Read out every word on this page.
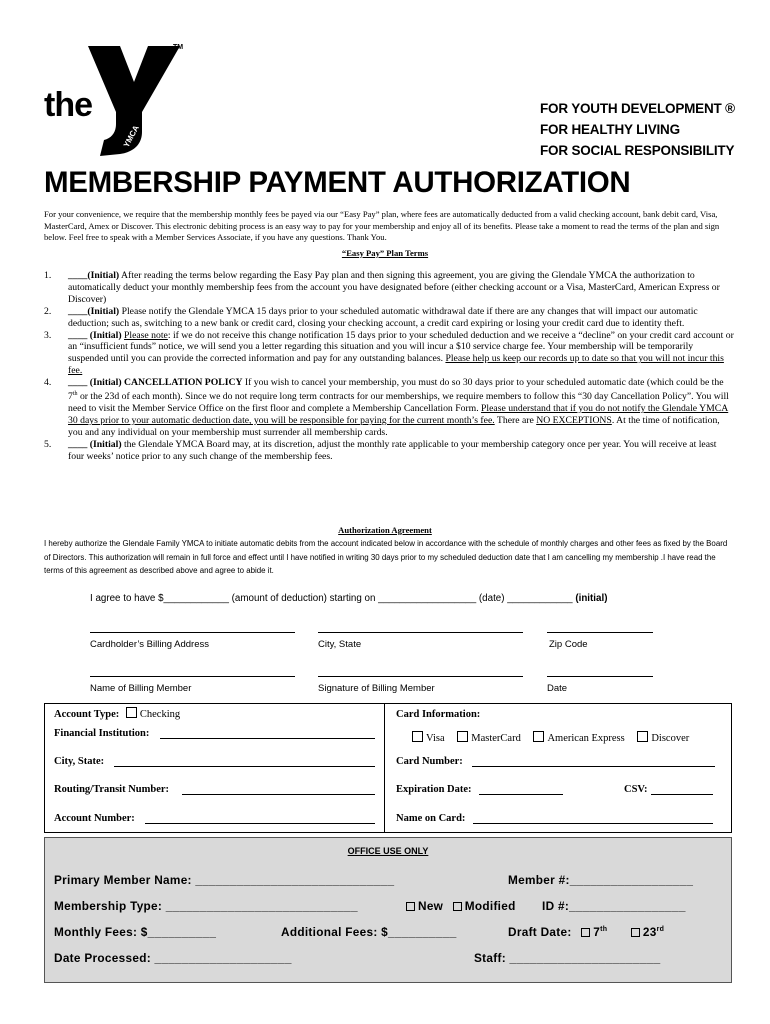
YMCA
the
TM
FOR YOUTH DEVELOPMENT ®
FOR HEALTHY LIVING
FOR SOCIAL RESPONSIBILITY
MEMBERSHIP PAYMENT AUTHORIZATION
For your convenience, we require that the membership monthly fees be payed via our “Easy Pay” plan, where fees are automatically deducted from a valid checking account, bank debit card, Visa, MasterCard, Amex or Discover. This electronic debiting process is an easy way to pay for your membership and enjoy all of its benefits. Please take a moment to read the terms of the plan and sign below. Feel free to speak with a Member Services Associate, if you have any questions. Thank You.
“Easy Pay” Plan Terms
1. ____(Initial) After reading the terms below regarding the Easy Pay plan and then signing this agreement, you are giving the Glendale YMCA the authorization to automatically deduct your monthly membership fees from the account you have designated before (either checking account or a Visa, MasterCard, American Express or Discover)
2. ____(Initial) Please notify the Glendale YMCA 15 days prior to your scheduled automatic withdrawal date if there are any changes that will impact our automatic deduction; such as, switching to a new bank or credit card, closing your checking account, a credit card expiring or losing your credit card due to identity theft.
3. ____ (Initial) Please note: if we do not receive this change notification 15 days prior to your scheduled deduction and we receive a “decline” on your credit card account or an “insufficient funds” notice, we will send you a letter regarding this situation and you will incur a $10 service charge fee. Your membership will be temporarily suspended until you can provide the corrected information and pay for any outstanding balances. Please help us keep our records up to date so that you will not incur this fee.
4. ____ (Initial) CANCELLATION POLICY If you wish to cancel your membership, you must do so 30 days prior to your scheduled automatic date (which could be the 7th or the 23d of each month). Since we do not require long term contracts for our memberships, we require members to follow this “30 day Cancellation Policy”. You will need to visit the Member Service Office on the first floor and complete a Membership Cancellation Form. Please understand that if you do not notify the Glendale YMCA 30 days prior to your automatic deduction date, you will be responsible for paying for the current month’s fee. There are NO EXCEPTIONS. At the time of notification, you and any individual on your membership must surrender all membership cards.
5. ____ (Initial) the Glendale YMCA Board may, at its discretion, adjust the monthly rate applicable to your membership category once per year. You will receive at least four weeks’ notice prior to any such change of the membership fees.
Authorization Agreement
I hereby authorize the Glendale Family YMCA to initiate automatic debits from the account indicated below in accordance with the schedule of monthly charges and other fees as fixed by the Board of Directors. This authorization will remain in full force and effect until I have notified in writing 30 days prior to my scheduled deduction date that I am cancelling my membership .I have read the terms of this agreement as described above and agree to abide it.
I agree to have $____________ (amount of deduction) starting on __________________ (date) ____________ (initial)
Cardholder’s Billing Address	City, State	Zip Code
Name of Billing Member	Signature of Billing Member	Date
Account Type: Checking
Financial Institution:
City, State:
Routing/Transit Number:
Account Number:
Card Information:
Visa	MasterCard	American Express	Discover
Card Number:
Expiration Date:	CSV:
Name on Card:
OFFICE USE ONLY
Primary Member Name: _____________________________	Member #:__________________
Membership Type: ____________________________	New Modified ID #:_________________
Monthly Fees: $__________	Additional Fees: $__________	Draft Date: 7th	23rd
Date Processed: ____________________	Staff: ______________________
